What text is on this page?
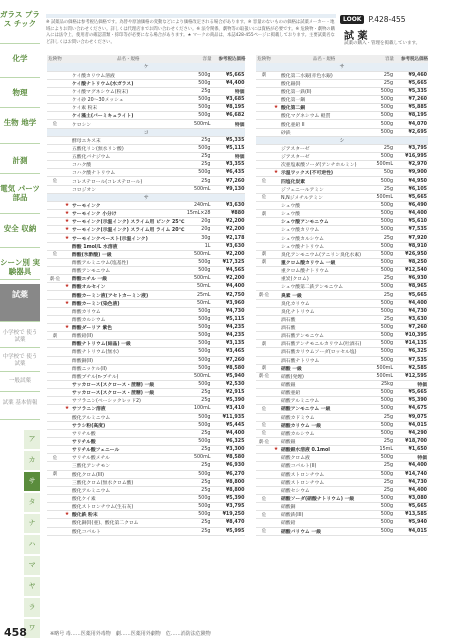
ガラス プラス チック
化学
物理
生物 地学
計測
電気 パーツ 部品
安全 収納
シーン別 実験器具
試薬
小学校で 使う試薬
中学校で 使う試薬
一般試薬
試薬 基本情報
ア
カ
サ
タ
ナ
ハ
マ
ヤ
ラ
ワ
※ 試薬品の価格は参考税込価格です。為替や原油価格の変動などにより価格改定される場合があります。※ 容量のないものの価格は試薬メーカー・地域によりお問い合わせください。詳しくは代理店までお問い合わせください。※ 法令関係、劇物等の取扱いには資格が必要です。※ 危険物・劇物の購入には法令上、使用者の確認書類・捺印等が必要になる場合があります。★ マークの商品は、本誌428-455ページに掲載しております。主要試薬名など詳しくはお問い合わせください。
LOOK P.428-455
試 薬
試薬の購入・管理を掲載しています。
危険物		品名・規格	容量	参考税込価格
ケ				
		ケイ酸カリウム溶液	500g	¥5,665
		ケイ酸ナトリウム(水ガラス)	500g	¥4,400
		ケイ酸マグネシウム(粉末)	25g	特価
		ケイ砂 20〜30メッシュ	500g	¥3,685
		ケイ素 粉末	500g	¥8,195
		ケイ藻土(バーミキュライト)	500g	¥6,682
危		ケロシン	500mL	特価
コ				
		酵母エキス末	25g	¥5,335
		五酸化リン(無水リン酸)	500g	¥5,115
		五酸化バナジウム	25g	特価
		コハク酸	25g	¥3,355
		コハク酸ナトリウム	500g	¥6,435
危		コレステロール(コレステロール)	25g	¥7,260
		コロジオン	500mL	¥9,130
サ				
	★	サーモインク	240mL	¥3,630
	★	サーモインク 小分け	15mL×28	¥880
	★	サーモインク(示温インク) スライム用 ピンク 25℃	20g	¥2,200
	★	サーモインク(示温インク) スライム用 ライム 20℃	20g	¥2,200
	★	サーモインクペースト(示温インク)	30g	¥2,178
		酢酸 1mol/L 水溶液	1L	¥3,630
危		酢酸(氷酢酸) 一級	500mL	¥2,200
		酢酸アルミニウム(塩基性)	500g	¥17,325
		酢酸アンモニウム	500g	¥4,565
劇·危		酢酸エチル 一級	500mL	¥2,200
	★	酢酸オルセイン	50mL	¥4,400
		酢酸カーミン液(アセトカーミン液)	25mL	¥2,750
	★	酢酸カーミン(染色液)	50mL	¥3,960
		酢酸カリウム	500g	¥4,730
		酢酸カルシウム	500g	¥5,115
	★	酢酸ダーリア 紫色	500g	¥4,235
劇		酢酸鉛(II)	500g	¥4,235
		酢酸ナトリウム(結晶) 一級	500g	¥3,135
		酢酸ナトリウム(無水)	500g	¥3,465
		酢酸銅(II)	500g	¥7,260
		酢酸ニッケル(II)	500g	¥8,580
		酢酸ブチル(n-ブチル)	500mL	¥5,940
		サッカロース(スクロース・蔗糖) 一級	500g	¥2,530
		サッカロース(スクロース・蔗糖) 一級	25g	¥2,915
		サフラニン(ベーシックレッド2)	25g	¥5,390
	★	サフラニン溶液	100mL	¥3,410
		酸化アルミニウム	500g	¥11,935
		サラシ粉(高度)	500g	¥5,445
		サリチル酸	25g	¥4,400
		サリチル酸	500g	¥6,325
		サリチル酸フェニール	25g	¥3,300
危		サリチル酸メチル	500mL	¥8,580
		三酸化アンチモン	25g	¥6,930
劇		酸化クロム(III)	500g	¥6,270
		三酸化クロム(無水クロム酸)	25g	¥8,800
		酸化アルミニウム	25g	¥8,800
		酸化ケイ素	500g	¥5,390
		酸化ストロンチウム(生石灰)	500g	¥3,795
	★	酸化鉄 粉末	500g	¥19,250
		酸化銅(I)(亜)、酸化第二クロム	25g	¥8,470
		酸化コバルト	25g	¥5,995
危険物		品名・規格	容量	参考税込価格
サ				
劇		酸化第二水銀(赤色水銀)	25g	¥9,460
		酸化銀(I)	25g	¥5,665
		酸化第一鉄(II)	500g	¥5,335
		酸化第一鋼	500g	¥7,260
	★	酸化第二銅	500g	¥5,885
		酸化マグネシウム 軽質	500g	¥8,195
		酸化亜鉛 II	500g	¥4,070
		砂鉄	500g	¥2,695
シ				
		ジアスターゼ	25g	¥3,795
		ジアスターゼ	500g	¥16,995
		次亜塩素酸ソーダ(アンチホルミン)	500mL	¥2,970
	★	示温ワックス(不可逆性)	50g	¥9,900
危		四塩化炭素	500g	¥4,950
		ジフェニールアミン	25g	¥6,105
危		N,Nジメチルアミン	500mL	¥5,665
		シュウ酸	500g	¥6,490
劇		シュウ酸	500g	¥4,400
		シュウ酸アンモニウム	500g	¥5,610
		シュウ酸カリウム	500g	¥7,535
		シュウ酸カルシウム	25g	¥7,920
		シュウ酸ナトリウム	500g	¥8,910
劇		臭化アンモニウム(アニリン臭化水素)	500g	¥26,950
劇		重クロム酸カリウム 一級	500g	¥8,250
		重クロム酸ナトリウム	500g	¥12,540
		重炭(クロム)	25g	¥6,930
		シュウ酸第二鉄アンモニウム	500g	¥8,965
劇·危		臭素 一級	25g	¥5,665
		臭化カリウム	500g	¥4,400
		臭化ナトリウム	500g	¥4,730
		酒石酸	25g	¥3,630
		酒石酸	500g	¥7,260
		酒石酸アンモニウム	500g	¥10,395
劇		酒石酸アンチモニルカリウム(吐酒石)	500g	¥14,135
		酒石酸カリウムソーダ(ロッセル塩)	500g	¥6,325
		酒石酸ナトリウム	500g	¥7,535
劇		硝酸 一級	500mL	¥2,585
劇·危		硝酸(発煙)	500mL	¥12,595
		硝酸銀	25kg	特価
		硝酸亜鉛	500g	¥5,665
		硝酸アルミニウム	500g	¥5,390
危		硝酸アンモニウム 一級	500g	¥4,675
		硝酸カドミウム	25g	¥9,075
危		硝酸カリウム 一級	500g	¥4,015
危		硝酸カルシウム	500g	¥4,290
劇·危		硝酸銀	25g	¥18,700
	★	硝酸銀水溶液 0.1mol	15mL	¥1,650
		硝酸クロム液	500g	特価
		硝酸コバルト(II)	25g	¥4,400
		硝酸ストロンチウム	500g	¥14,740
		硝酸ストロンチウム	25g	¥4,730
		硝酸セシウム	25g	¥4,400
危		硝酸ソーダ(硝酸ナトリウム) 一級	500g	¥3,080
		硝酸銅	500g	¥5,665
危		硝酸鉄(III)	500g	¥13,585
		硝酸鉛	500g	¥5,940
危		硝酸バリウム 一級	500g	¥4,015
458	※略号 毒……医薬用外毒物　劇……医薬用外劇物　危……消防法危険物
